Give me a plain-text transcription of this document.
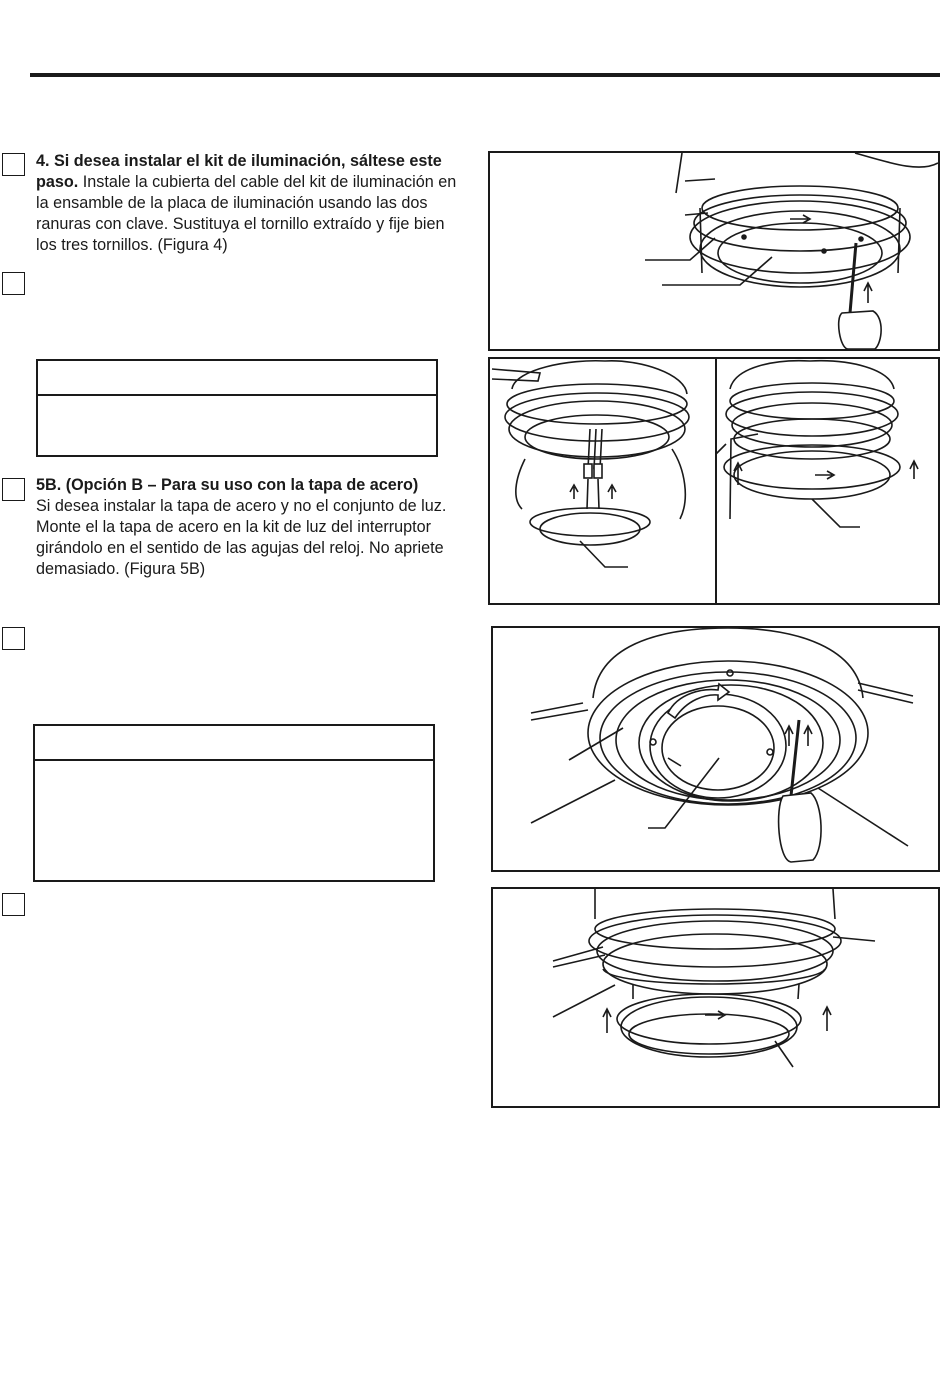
4. Si desea instalar el kit de iluminación, sáltese este paso. Instale la cubierta del cable del kit de iluminación en la ensamble de la placa de iluminación usando las dos ranuras con clave. Sustituya el tornillo extraído y fije bien los tres tornillos. (Figura 4)
5B. (Opción B – Para su uso con la tapa de acero)
Si desea instalar la tapa de acero y no el conjunto de luz. Monte el la tapa de acero en la kit de luz del interruptor girándolo en el sentido de las agujas del reloj. No apriete demasiado. (Figura 5B)
